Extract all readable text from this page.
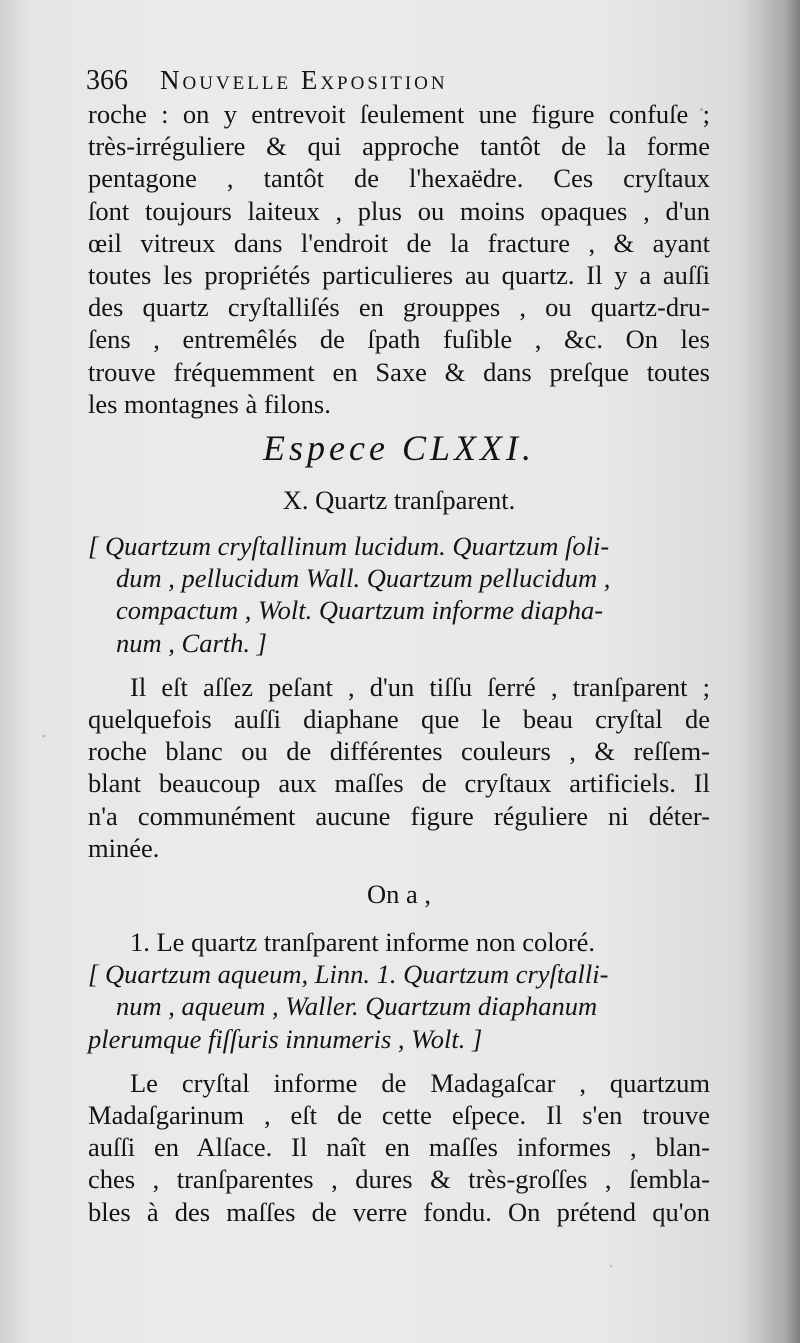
366 Nouvelle Exposition

roche : on y entrevoit ſeulement une figure confuſe ;
très-irréguliere & qui approche tantôt de la forme
pentagone , tantôt de l'hexaëdre. Ces cryſtaux
ſont toujours laiteux , plus ou moins opaques , d'un
œil vitreux dans l'endroit de la fracture , & ayant
toutes les propriétés particulieres au quartz. Il y a auſſi
des quartz cryſtalliſés en grouppes , ou quartz-dru-
ſens , entremêlés de ſpath fuſible , &c. On les
trouve fréquemment en Saxe & dans preſque toutes
les montagnes à filons.

Espece CLXXI.
X. Quartz tranſparent.
[ Quartzum cryſtallinum lucidum. Quartzum ſoli-
dum , pellucidum Wall. Quartzum pellucidum ,
compactum , Wolt. Quartzum informe diapha-
num , Carth. ]

Il eſt aſſez peſant , d'un tiſſu ſerré , tranſparent ;
quelquefois auſſi diaphane que le beau cryſtal de
roche blanc ou de différentes couleurs , & reſſem-
blant beaucoup aux maſſes de cryſtaux artificiels. Il
n'a communément aucune figure réguliere ni déter-
minée.

On a ,
1. Le quartz tranſparent informe non coloré.
[ Quartzum aqueum, Linn. 1. Quartzum cryſtalli-
num , aqueum , Waller. Quartzum diaphanum
plerumque fiſſuris innumeris , Wolt. ]

Le cryſtal informe de Madagaſcar , quartzum
Madaſgarinum , eſt de cette eſpece. Il s'en trouve
auſſi en Alſace. Il naît en maſſes informes , blan-
ches , tranſparentes , dures & très-groſſes , ſembla-
bles à des maſſes de verre fondu. On prétend qu'on
